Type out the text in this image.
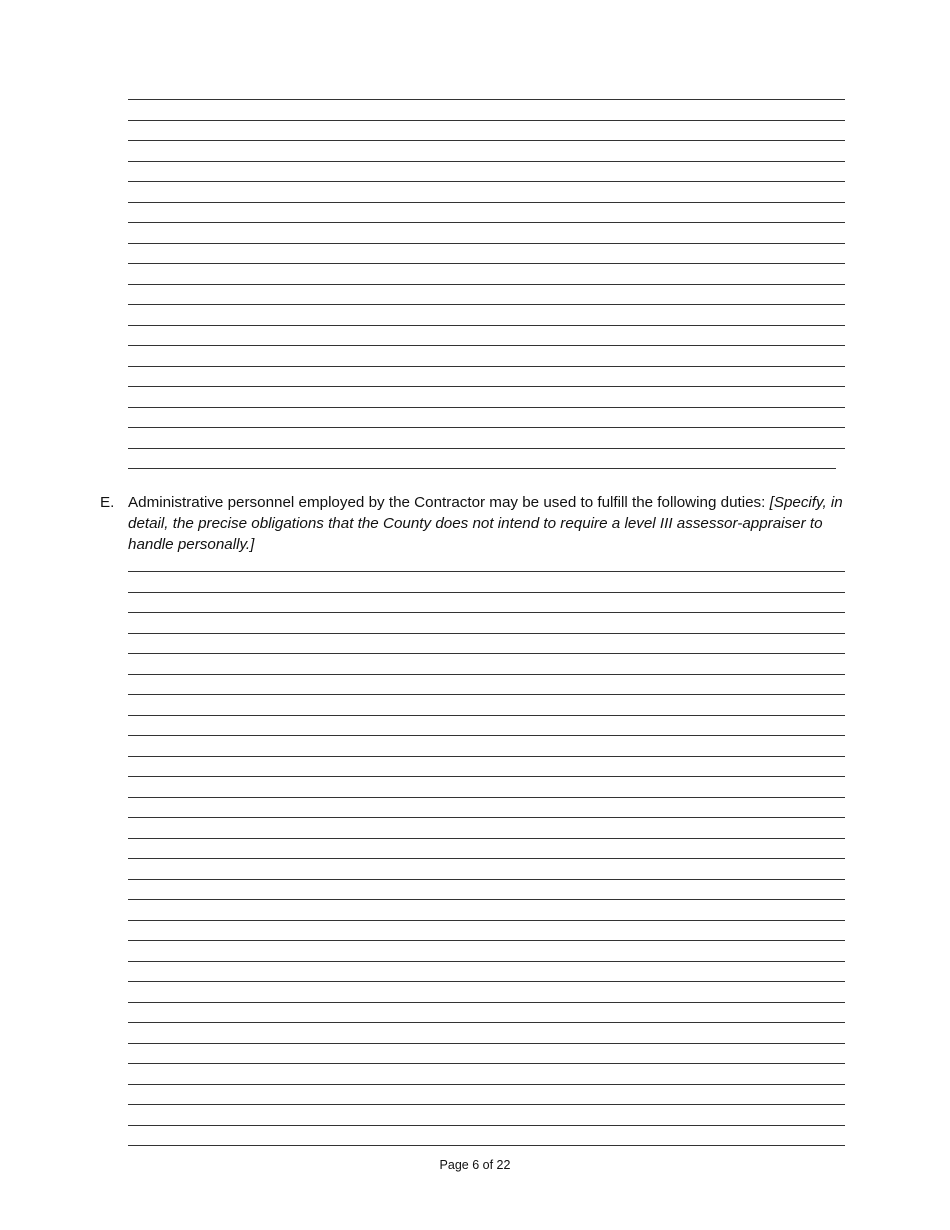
E. Administrative personnel employed by the Contractor may be used to fulfill the following duties: [Specify, in detail, the precise obligations that the County does not intend to require a level III assessor-appraiser to handle personally.]
Page 6 of 22
